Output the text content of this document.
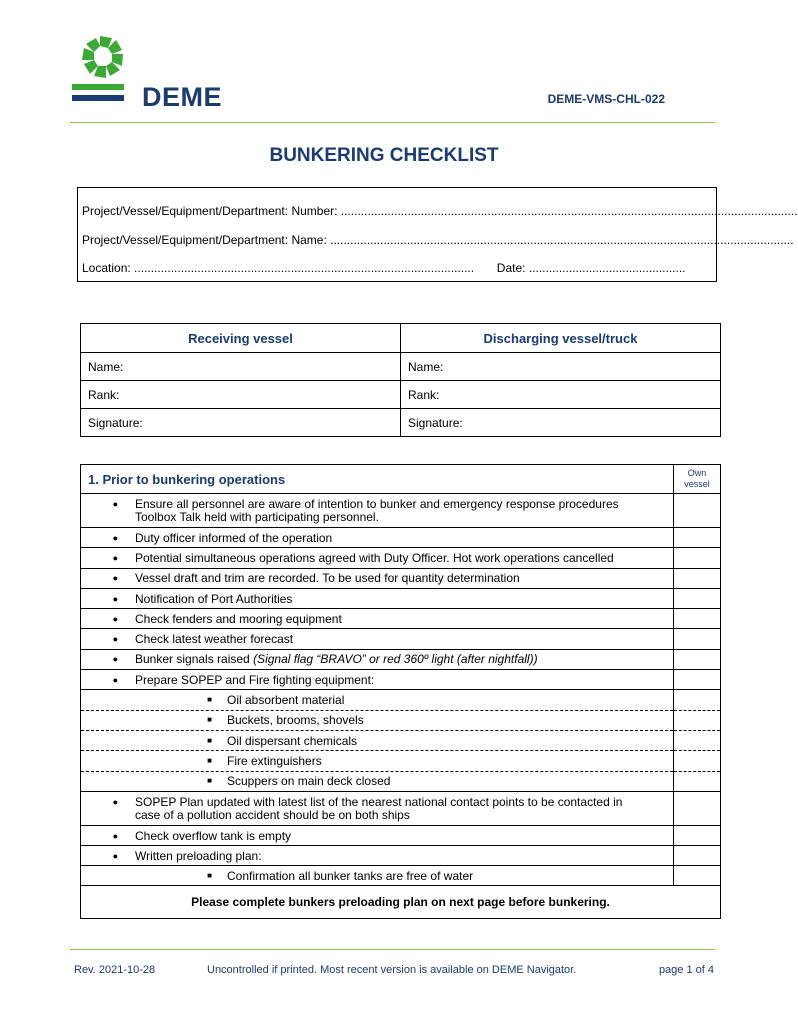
DEME	DEME-VMS-CHL-022
BUNKERING CHECKLIST
Project/Vessel/Equipment/Department: Number: .........................................................................................................................................
Project/Vessel/Equipment/Department: Name: ...........................................................................................................................................
Location: ...................................................................................................... Date: ...............................................
Receiving vessel	Discharging vessel/truck
Name:	Name:
Rank:	Rank:
Signature:	Signature:
1. Prior to bunkering operations	Own
vessel

● Ensure all personnel are aware of intention to bunker and emergency response procedures
Toolbox Talk held with participating personnel.	

● Duty officer informed of the operation	

● Potential simultaneous operations agreed with Duty Officer. Hot work operations cancelled	

● Vessel draft and trim are recorded. To be used for quantity determination	

● Notification of Port Authorities	

● Check fenders and mooring equipment	

● Check latest weather forecast	

● Bunker signals raised (Signal flag “BRAVO” or red 360º light (after nightfall))	

● Prepare SOPEP and Fire fighting equipment:	

■ Oil absorbent material	

■ Buckets, brooms, shovels	

■ Oil dispersant chemicals	

■ Fire extinguishers	

■ Scuppers on main deck closed	

● SOPEP Plan updated with latest list of the nearest national contact points to be contacted in
case of a pollution accident should be on both ships	

● Check overflow tank is empty	

● Written preloading plan:	

■ Confirmation all bunker tanks are free of water	

Please complete bunkers preloading plan on next page before bunkering.
Rev. 2021-10-28	Uncontrolled if printed. Most recent version is available on DEME Navigator.	page 1 of 4
